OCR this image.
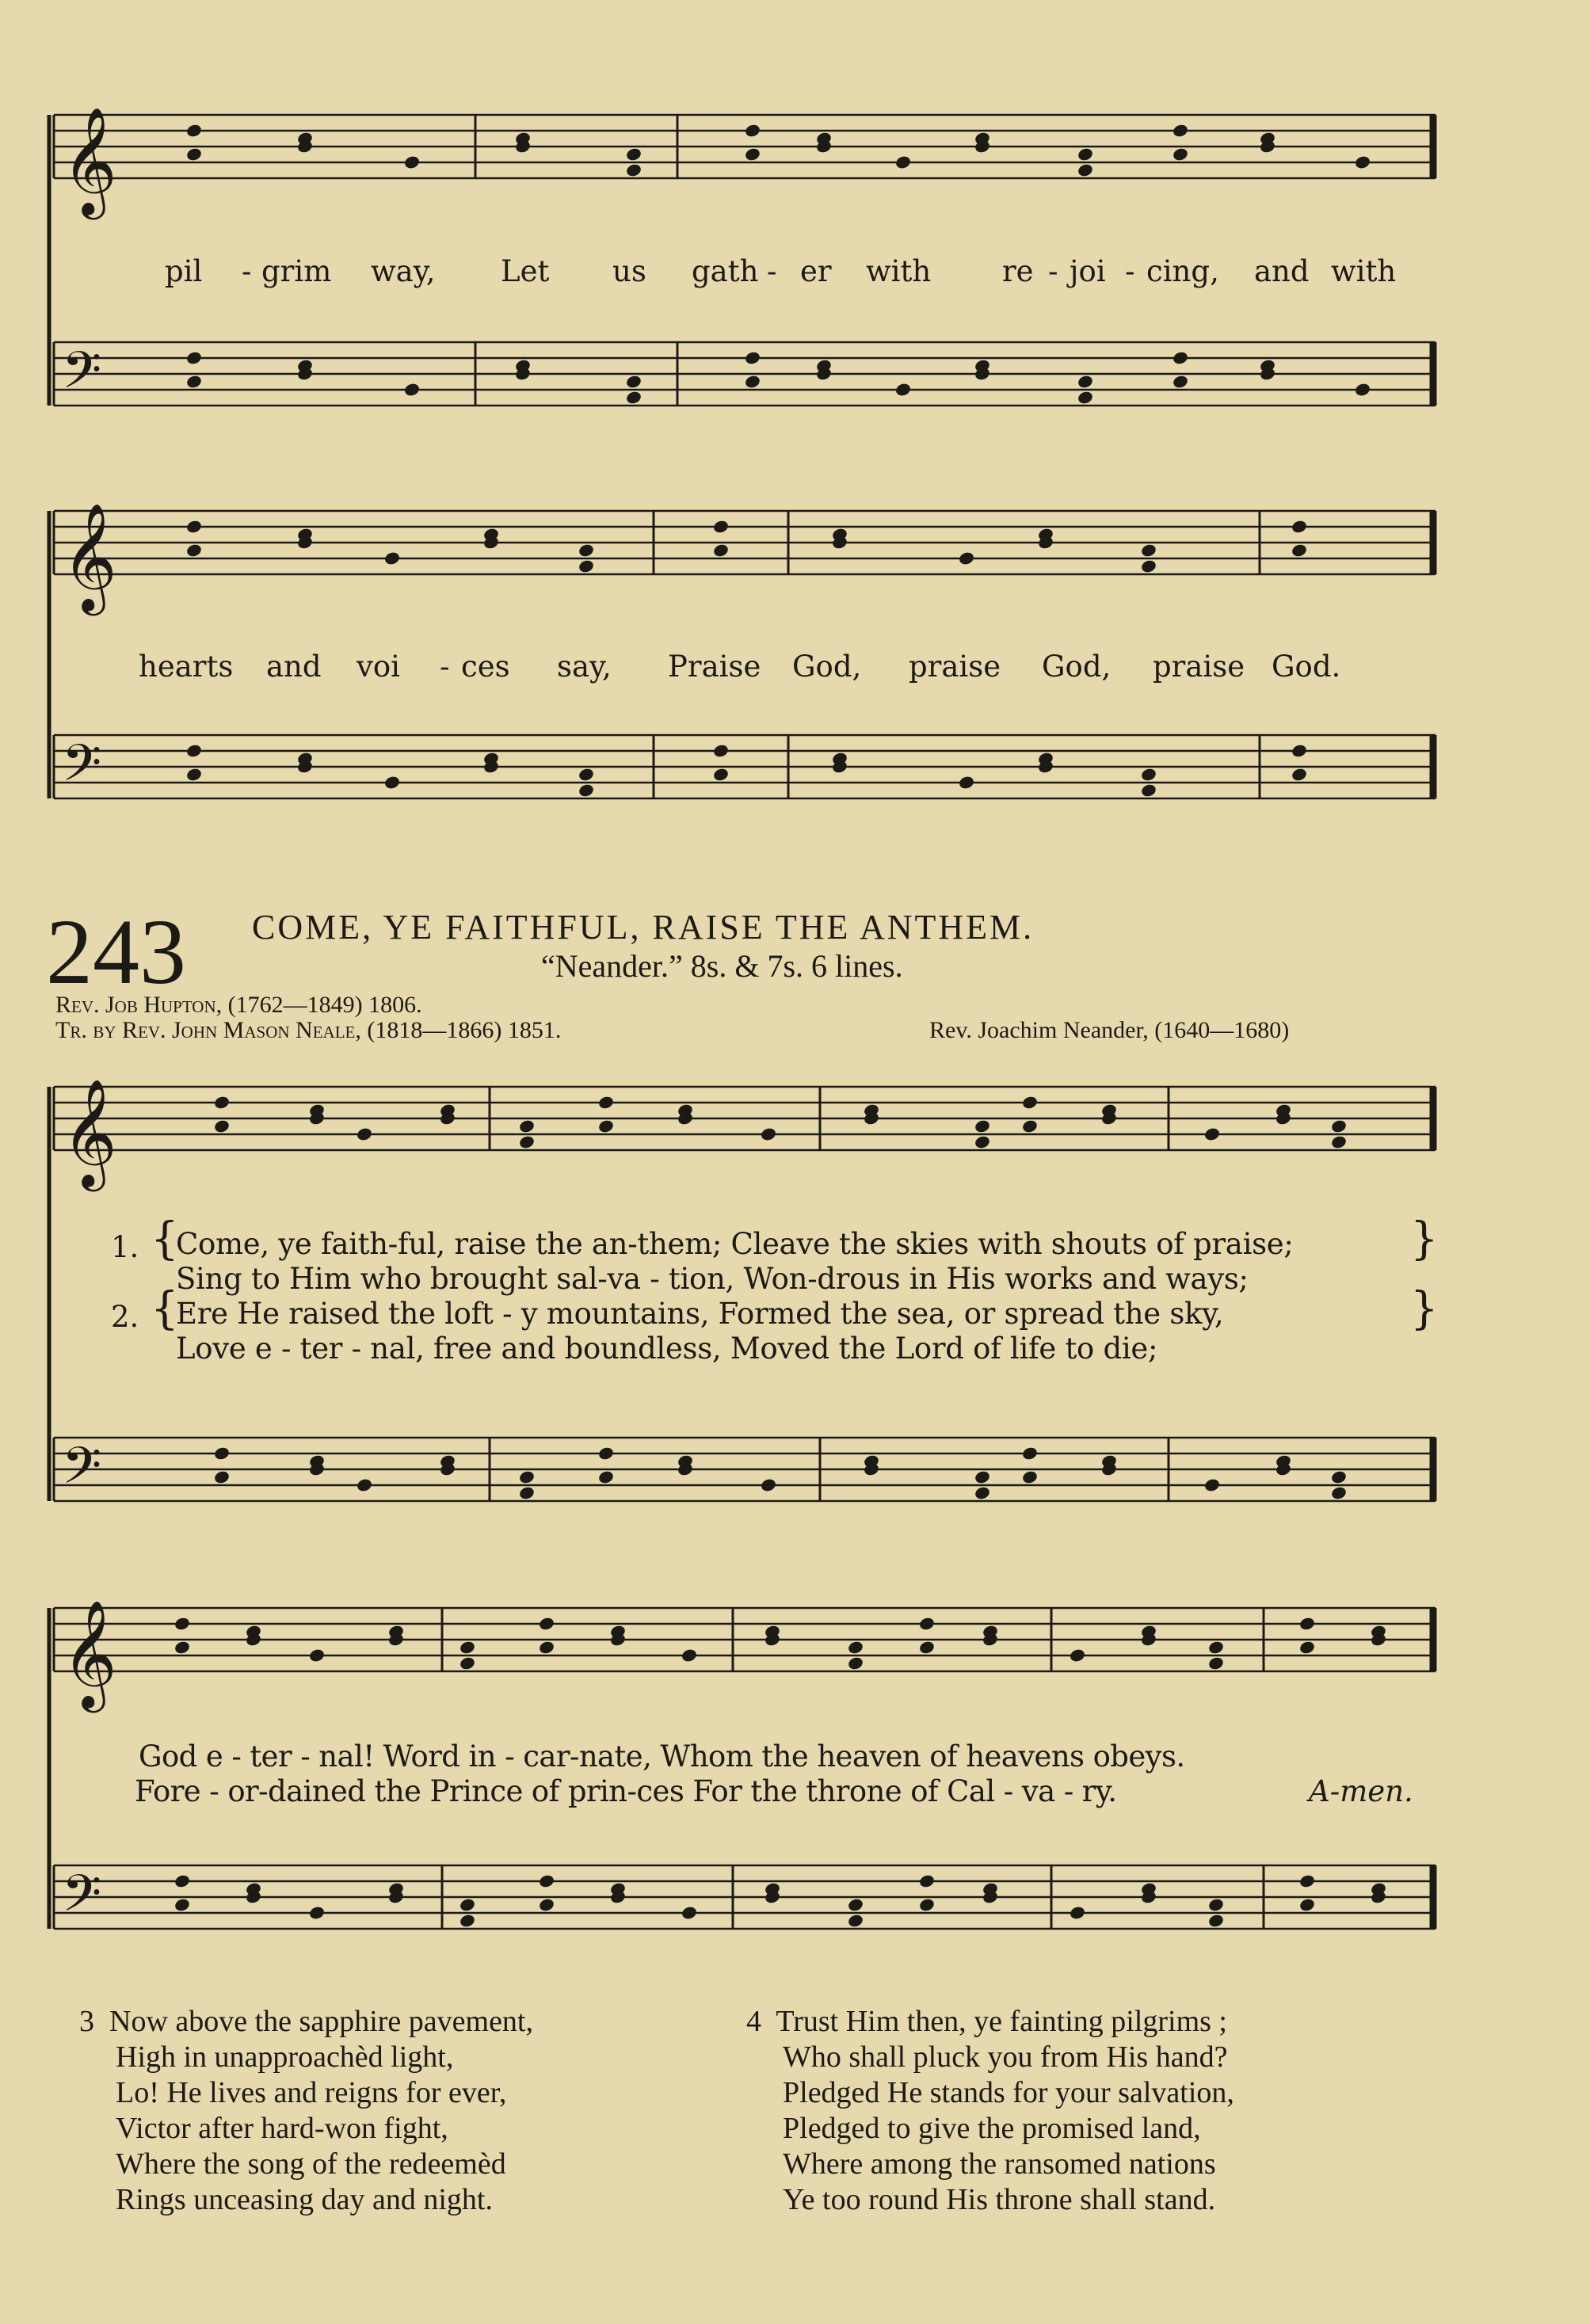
𝄞
𝄢
𝄞
𝄢
𝄞
𝄢
𝄞
𝄢
pil - grim way, Let us gath - er with re - joi - cing, and with
hearts and voi - ces say, Praise God, praise God, praise God.
243 COME, YE FAITHFUL, RAISE THE ANTHEM.
“Neander.” 8s. & 7s. 6 lines.
Rev. Job Hupton, (1762—1849) 1806.
Tr. by Rev. John Mason Neale, (1818—1866) 1851.	Rev. Joachim Neander, (1640—1680)
1.
2.
{
{
}
}
Come, ye faith-ful, raise the an-them; Cleave the skies with shouts of praise;
Sing to Him who brought sal-va - tion, Won-drous in His works and ways;
Ere He raised the loft - y mountains, Formed the sea, or spread the sky,
Love e - ter - nal, free and boundless, Moved the Lord of life to die;
God e - ter - nal! Word in - car-nate, Whom the heaven of heavens obeys.
Fore - or-dained the Prince of prin-ces For the throne of Cal - va - ry.	A-men.
3 Now above the sapphire pavement,
High in unapproachèd light,
Lo! He lives and reigns for ever,
Victor after hard-won fight,
Where the song of the redeemèd
Rings unceasing day and night.
4 Trust Him then, ye fainting pilgrims ;
Who shall pluck you from His hand?
Pledged He stands for your salvation,
Pledged to give the promised land,
Where among the ransomed nations
Ye too round His throne shall stand.
